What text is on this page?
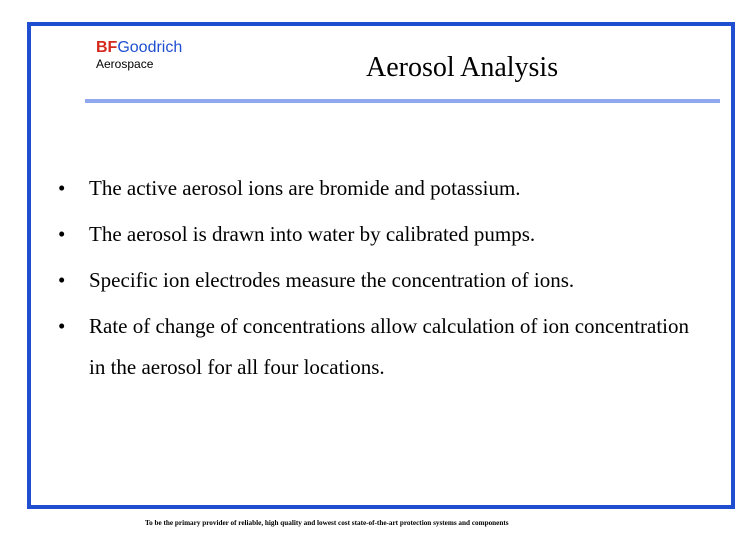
BFGoodrich
Aerospace	Aerosol Analysis
• The active aerosol ions are bromide and potassium.
• The aerosol is drawn into water by calibrated pumps.
• Specific ion electrodes measure the concentration of ions.
• Rate of change of concentrations allow calculation of ion concentration in the aerosol for all four locations.
To be the primary provider of reliable, high quality and lowest cost state-of-the-art protection systems and components
